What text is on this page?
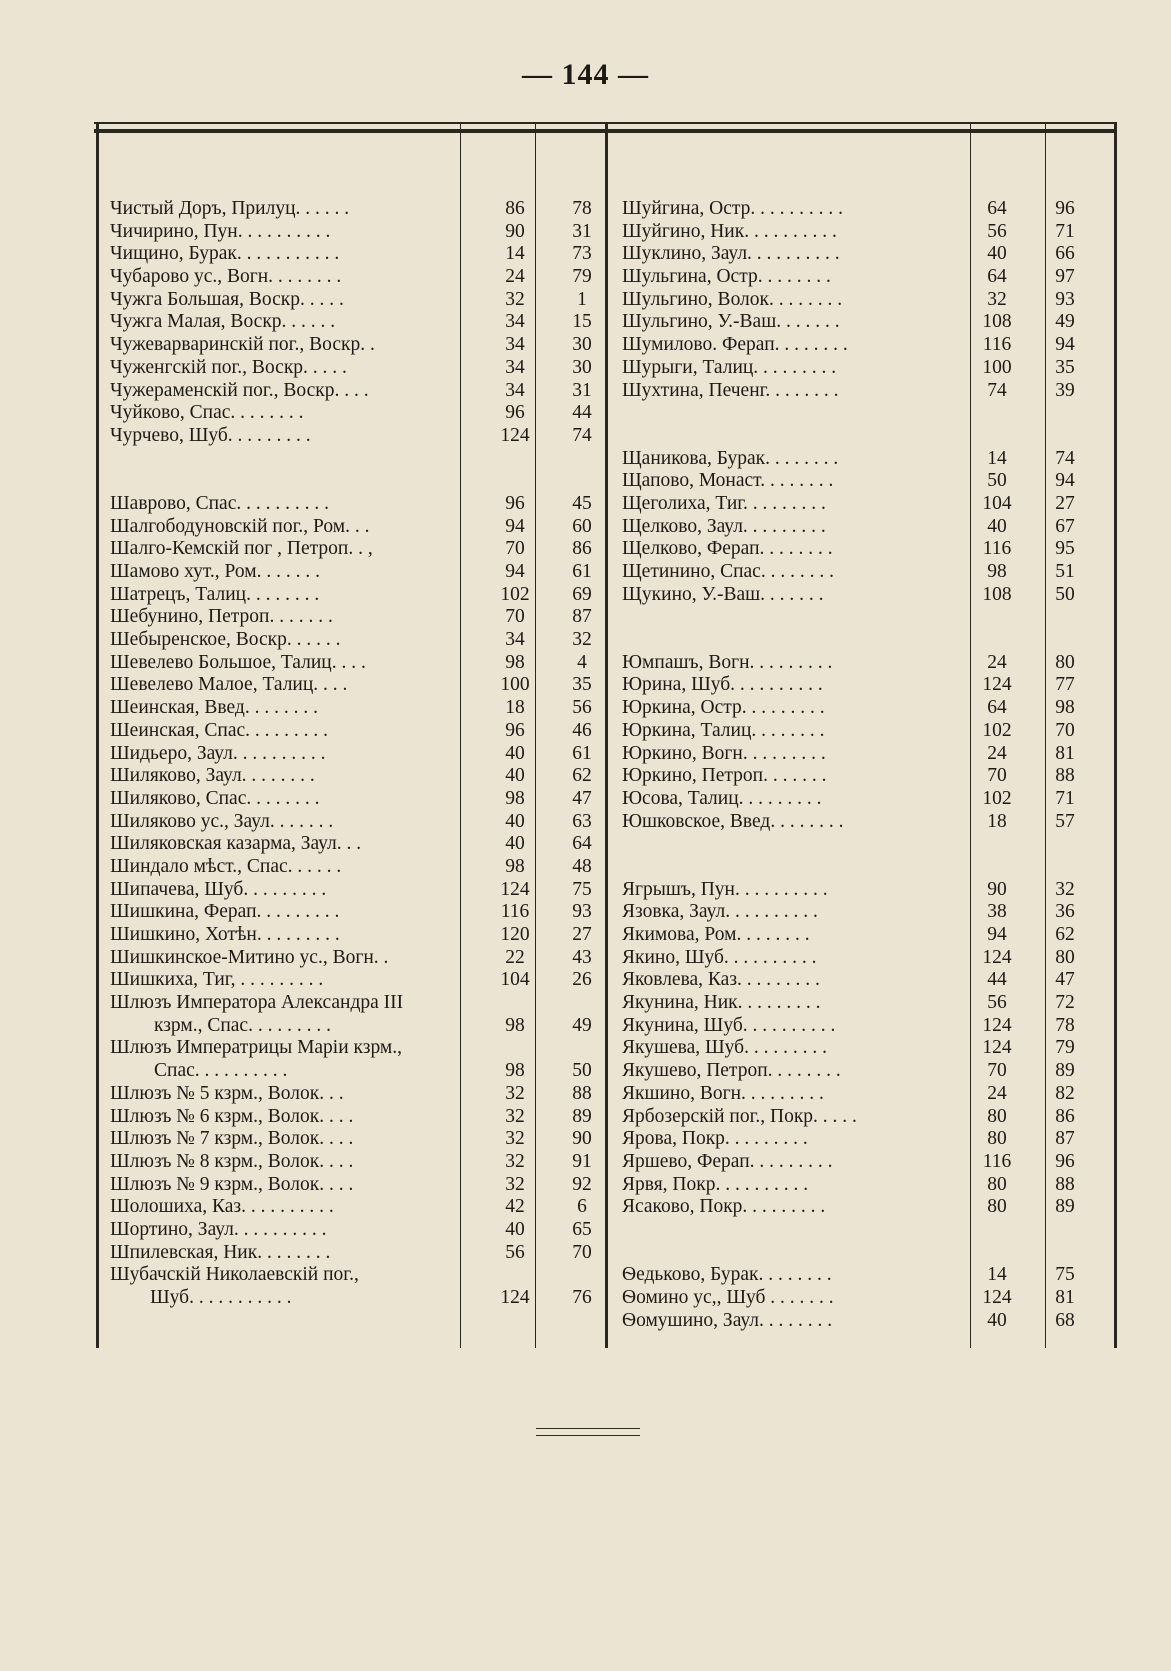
— 144 —
Чистый Доръ, Прилуц. . . . . .	86	78
Чичирино, Пун. . . . . . . . . .	90	31
Чищино, Бурак. . . . . . . . . . .	14	73
Чубарово ус., Вогн. . . . . . . .	24	79
Чужга Большая, Воскр. . . . .	32	1
Чужга Малая, Воскр. . . . . .	34	15
Чужеварваринскій пог., Воскр. .	34	30
Чуженгскій пог., Воскр. . . . .	34	30
Чужераменскій пог., Воскр. . . .	34	31
Чуйково, Спас. . . . . . . .	96	44
Чурчево, Шуб. . . . . . . . .	124	74
Шаврово, Спас. . . . . . . . . .	96	45
Шалгободуновскій пог., Ром. . .	94	60
Шалго-Кемскій пог , Петроп. . ,	70	86
Шамово хут., Ром. . . . . . .	94	61
Шатрецъ, Талиц. . . . . . . .	102	69
Шебунино, Петроп. . . . . . .	70	87
Шебыренское, Воскр. . . . . .	34	32
Шевелево Большое, Талиц. . . .	98	4
Шевелево Малое, Талиц. . . .	100	35
Шеинская, Введ. . . . . . . .	18	56
Шеинская, Спас. . . . . . . . .	96	46
Шидьеро, Заул. . . . . . . . . .	40	61
Шиляково, Заул. . . . . . . .	40	62
Шиляково, Спас. . . . . . . .	98	47
Шиляково ус., Заул. . . . . . .	40	63
Шиляковская казарма, Заул. . .	40	64
Шиндало мѣст., Спас. . . . . .	98	48
Шипачева, Шуб. . . . . . . . .	124	75
Шишкина, Ферап. . . . . . . . .	116	93
Шишкино, Хотѣн. . . . . . . . .	120	27
Шишкинское-Митино ус., Вогн. .	22	43
Шишкиха, Тиг, . . . . . . . . .	104	26
Шлюзъ Императора Александра III
кзрм., Спас. . . . . . . . .	98	49
Шлюзъ Императрицы Маріи кзрм.,
Спас. . . . . . . . . .	98	50
Шлюзъ № 5 кзрм., Волок. . .	32	88
Шлюзъ № 6 кзрм., Волок. . . .	32	89
Шлюзъ № 7 кзрм., Волок. . . .	32	90
Шлюзъ № 8 кзрм., Волок. . . .	32	91
Шлюзъ № 9 кзрм., Волок. . . .	32	92
Шолошиха, Каз. . . . . . . . . .	42	6
Шортино, Заул. . . . . . . . . .	40	65
Шпилевская, Ник. . . . . . . .	56	70
Шубачскій Николаевскій пог.,
Шуб. . . . . . . . . . .	124	76
Шуйгина, Остр. . . . . . . . . .	64	96
Шуйгино, Ник. . . . . . . . . .	56	71
Шуклино, Заул. . . . . . . . . .	40	66
Шульгина, Остр. . . . . . . .	64	97
Шульгино, Волок. . . . . . . .	32	93
Шульгино, У.-Ваш. . . . . . .	108	49
Шумилово. Ферап. . . . . . . .	116	94
Шурыги, Талиц. . . . . . . . .	100	35
Шухтина, Печенг. . . . . . . .	74	39
Щаникова, Бурак. . . . . . . .	14	74
Щапово, Монаст. . . . . . . .	50	94
Щеголиха, Тиг. . . . . . . . .	104	27
Щелково, Заул. . . . . . . . .	40	67
Щелково, Ферап. . . . . . . .	116	95
Щетинино, Спас. . . . . . . .	98	51
Щукино, У.-Ваш. . . . . . .	108	50
Юмпашъ, Вогн. . . . . . . . .	24	80
Юрина, Шуб. . . . . . . . . .	124	77
Юркина, Остр. . . . . . . . .	64	98
Юркина, Талиц. . . . . . . .	102	70
Юркино, Вогн. . . . . . . . .	24	81
Юркино, Петроп. . . . . . .	70	88
Юсова, Талиц. . . . . . . . .	102	71
Юшковское, Введ. . . . . . . .	18	57
Ягрышъ, Пун. . . . . . . . . .	90	32
Язовка, Заул. . . . . . . . . .	38	36
Якимова, Ром. . . . . . . .	94	62
Якино, Шуб. . . . . . . . . .	124	80
Яковлева, Каз. . . . . . . . .	44	47
Якунина, Ник. . . . . . . . .	56	72
Якунина, Шуб. . . . . . . . . .	124	78
Якушева, Шуб. . . . . . . . .	124	79
Якушево, Петроп. . . . . . . .	70	89
Якшино, Вогн. . . . . . . . .	24	82
Ярбозерскій пог., Покр. . . . .	80	86
Ярова, Покр. . . . . . . . .	80	87
Яршево, Ферап. . . . . . . . .	116	96
Ярвя, Покр. . . . . . . . . .	80	88
Ясаково, Покр. . . . . . . . .	80	89
Ѳедьково, Бурак. . . . . . . .	14	75
Ѳомино ус,, Шуб . . . . . . .	124	81
Ѳомушино, Заул. . . . . . . .	40	68
